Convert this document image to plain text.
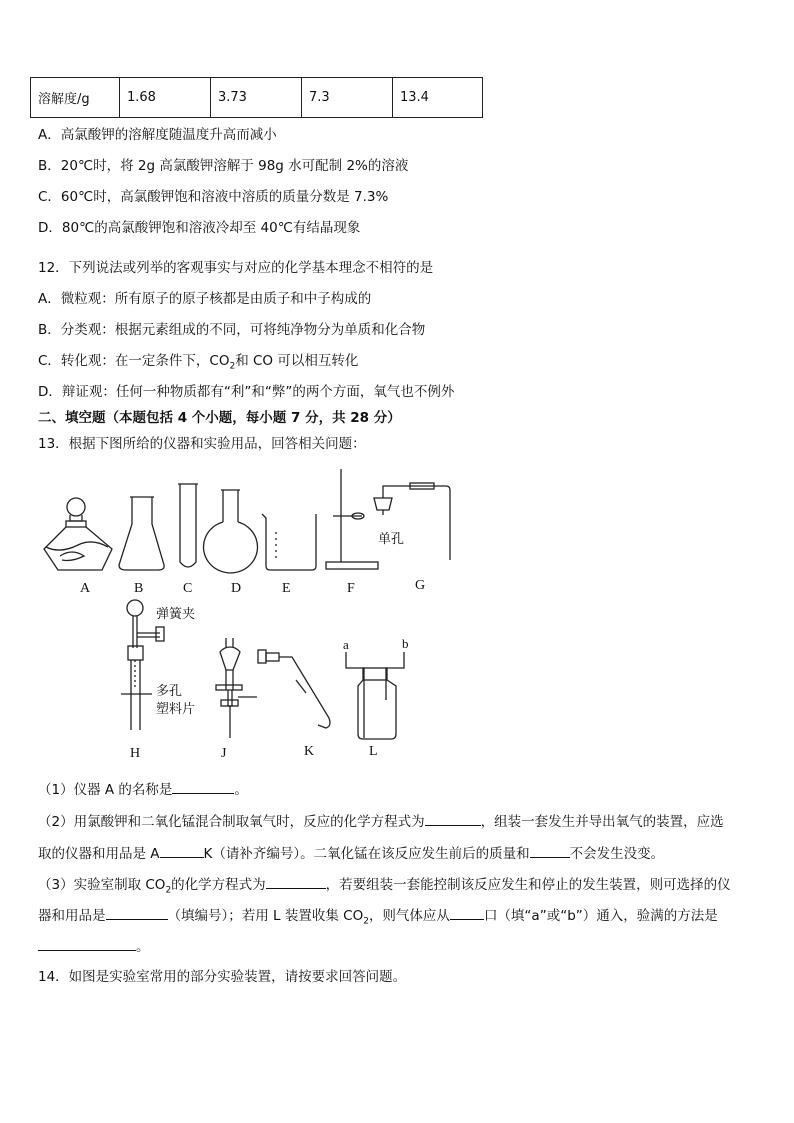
溶解度/g	1.68	3.73	7.3	13.4
A．高氯酸钾的溶解度随温度升高而减小
B．20℃时，将 2g 高氯酸钾溶解于 98g 水可配制 2%的溶液
C．60℃时，高氯酸钾饱和溶液中溶质的质量分数是 7.3%
D．80℃的高氯酸钾饱和溶液冷却至 40℃有结晶现象
12．下列说法或列举的客观事实与对应的化学基本理念不相符的是
A．微粒观：所有原子的原子核都是由质子和中子构成的
B．分类观：根据元素组成的不同，可将纯净物分为单质和化合物
C．转化观：在一定条件下，$CO_2$和 CO 可以相互转化
D．辩证观：任何一种物质都有“利”和“弊”的两个方面，氧气也不例外
二、填空题（本题包括 4 个小题，每小题 7 分，共 28 分）
13．根据下图所给的仪器和实验用品，回答相关问题：
A	B	C	D	E	F	G
H	J	K	L
单孔
弹簧夹
多孔
塑料片
a	b
（1）仪器 A 的名称是	。
（2）用氯酸钾和二氧化锰混合制取氧气时，反应的化学方程式为	，组装一套发生并导出氧气的装置，应选
取的仪器和用品是 A	K（请补齐编号）。二氧化锰在该反应发生前后的质量和	不会发生没变。
（3）实验室制取 $CO_2$的化学方程式为	，若要组装一套能控制该反应发生和停止的发生装置，则可选择的仪
器和用品是	（填编号）；若用 L 装置收集 $CO_2$，则气体应从	口（填“a”或“b”）通入，验满的方法是
。
14．如图是实验室常用的部分实验装置，请按要求回答问题。
